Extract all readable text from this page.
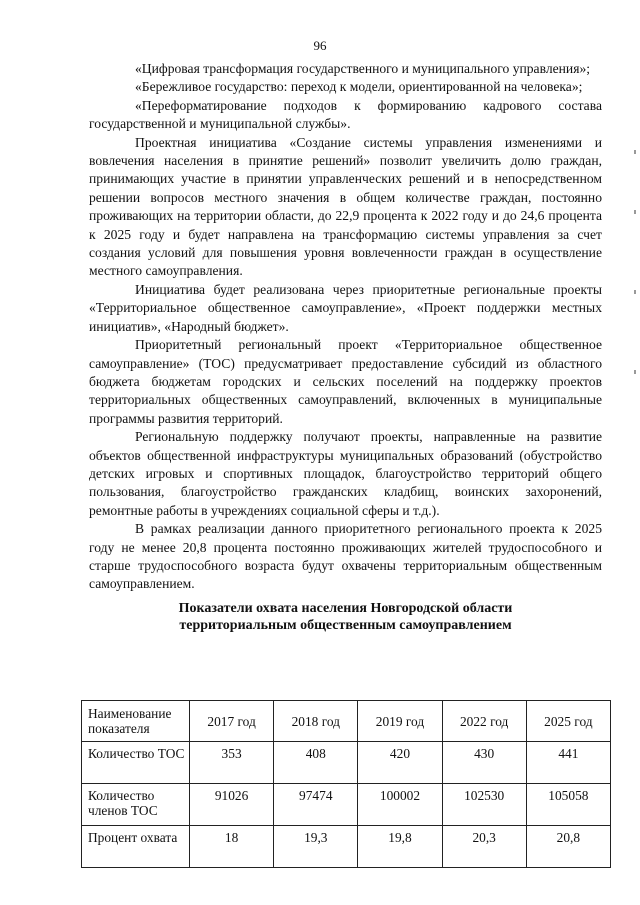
96

«Цифровая трансформация государственного и муниципального управления»;

«Бережливое государство: переход к модели, ориентированной на человека»;

«Переформатирование подходов к формированию кадрового состава государственной и муниципальной службы».

Проектная инициатива «Создание системы управления изменениями и вовлечения населения в принятие решений» позволит увеличить долю граждан, принимающих участие в принятии управленческих решений и в непосредственном решении вопросов местного значения в общем количестве граждан, постоянно проживающих на территории области, до 22,9 процента к 2022 году и до 24,6 процента к 2025 году и будет направлена на трансформацию системы управления за счет создания условий для повышения уровня вовлеченности граждан в осуществление местного самоуправления.

Инициатива будет реализована через приоритетные региональные проекты «Территориальное общественное самоуправление», «Проект поддержки местных инициатив», «Народный бюджет».

Приоритетный региональный проект «Территориальное общественное самоуправление» (ТОС) предусматривает предоставление субсидий из областного бюджета бюджетам городских и сельских поселений на поддержку проектов территориальных общественных самоуправлений, включенных в муниципальные программы развития территорий.

Региональную поддержку получают проекты, направленные на развитие объектов общественной инфраструктуры муниципальных образований (обустройство детских игровых и спортивных площадок, благоустройство территорий общего пользования, благоустройство гражданских кладбищ, воинских захоронений, ремонтные работы в учреждениях социальной сферы и т.д.).

В рамках реализации данного приоритетного регионального проекта к 2025 году не менее 20,8 процента постоянно проживающих жителей трудоспособного и старше трудоспособного возраста будут охвачены территориальным общественным самоуправлением.

Показатели охвата населения Новгородской области
территориальным общественным самоуправлением
Наименование показателя	2017 год	2018 год	2019 год	2022 год	2025 год
Количество ТОС	353	408	420	430	441
Количество членов ТОС	91026	97474	100002	102530	105058
Процент охвата	18	19,3	19,8	20,3	20,8
